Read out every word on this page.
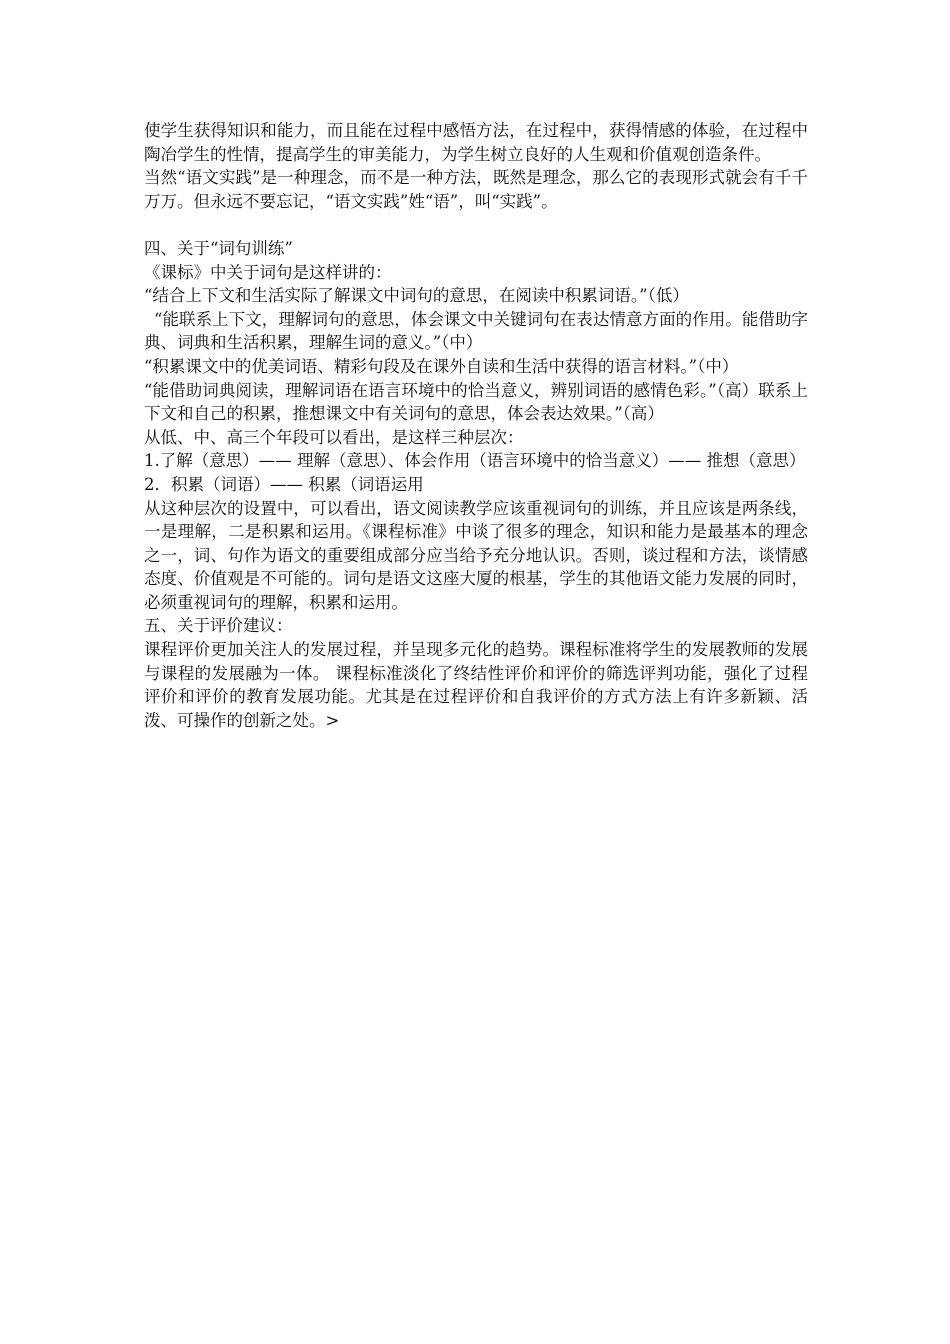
使学生获得知识和能力，而且能在过程中感悟方法，在过程中，获得情感的体验，在过程中陶冶学生的性情，提高学生的审美能力，为学生树立良好的人生观和价值观创造条件。

当然“语文实践”是一种理念，而不是一种方法，既然是理念，那么它的表现形式就会有千千万万。但永远不要忘记，“语文实践”姓“语”，叫“实践”。

四、关于“词句训练”

《课标》中关于词句是这样讲的：

“结合上下文和生活实际了解课文中词句的意思，在阅读中积累词语。”（低）

“能联系上下文，理解词句的意思，体会课文中关键词句在表达情意方面的作用。能借助字典、词典和生活积累，理解生词的意义。”（中）

“积累课文中的优美词语、精彩句段及在课外自读和生活中获得的语言材料。”（中）

“能借助词典阅读，理解词语在语言环境中的恰当意义，辨别词语的感情色彩。”（高）联系上下文和自己的积累，推想课文中有关词句的意思，体会表达效果。”（高）

从低、中、高三个年段可以看出，是这样三种层次：

1.了解（意思）—— 理解（意思）、体会作用（语言环境中的恰当意义）—— 推想（意思）

2．积累（词语）—— 积累（词语运用

从这种层次的设置中，可以看出，语文阅读教学应该重视词句的训练，并且应该是两条线，一是理解，二是积累和运用。《课程标准》中谈了很多的理念，知识和能力是最基本的理念之一，词、句作为语文的重要组成部分应当给予充分地认识。否则，谈过程和方法，谈情感态度、价值观是不可能的。词句是语文这座大厦的根基，学生的其他语文能力发展的同时，必须重视词句的理解，积累和运用。

五、关于评价建议：

课程评价更加关注人的发展过程，并呈现多元化的趋势。课程标准将学生的发展教师的发展与课程的发展融为一体。 课程标准淡化了终结性评价和评价的筛选评判功能，强化了过程评价和评价的教育发展功能。尤其是在过程评价和自我评价的方式方法上有许多新颖、活泼、可操作的创新之处。>
